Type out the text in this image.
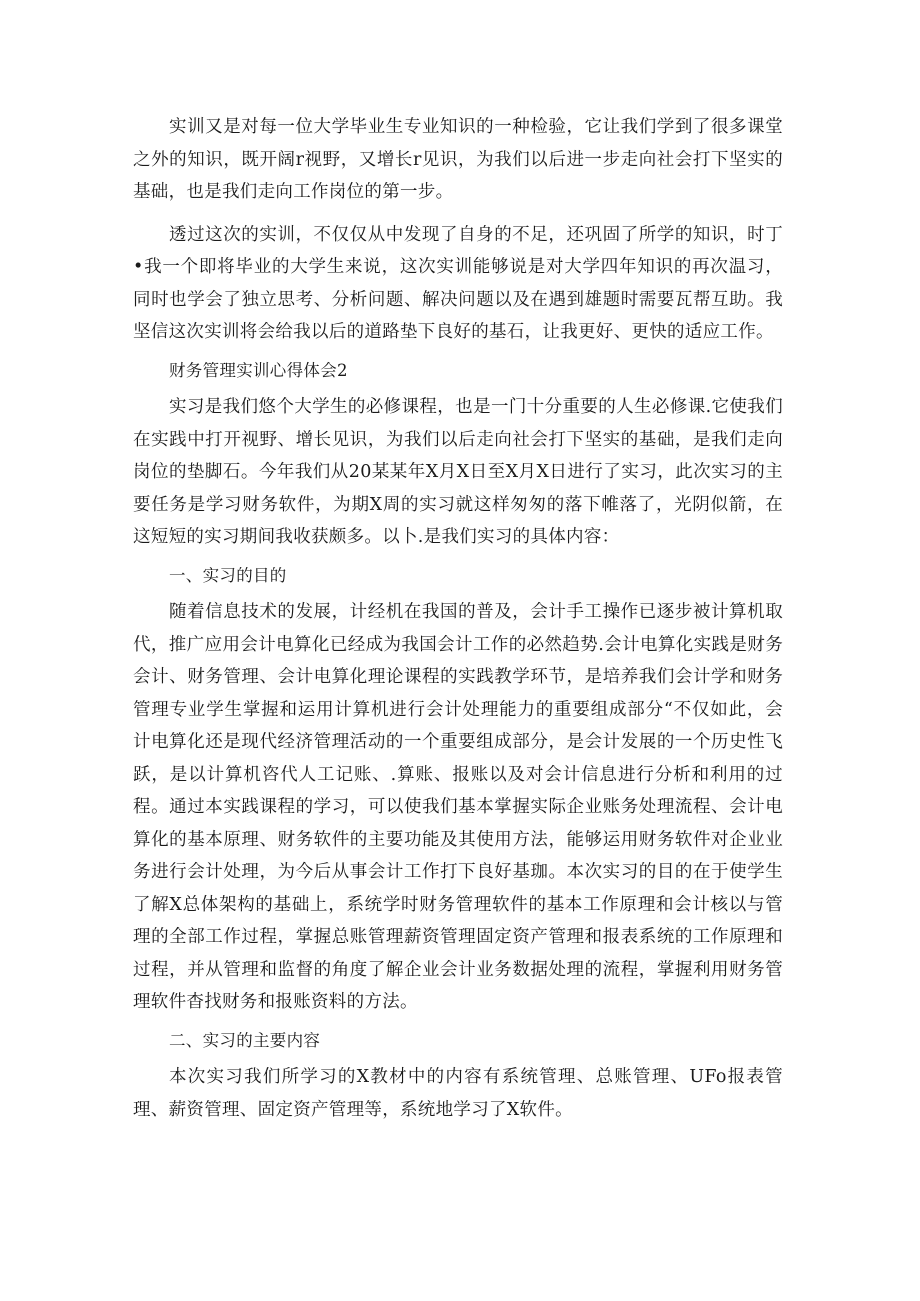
实训又是对每一位大学毕业生专业知识的一种检验，它让我们学到了很多课堂之外的知识，既开阔r视野，又增长r见识，为我们以后进一步走向社会打下坚实的基础，也是我们走向工作岗位的第一步。

透过这次的实训，不仅仅从中发现了自身的不足，还巩固了所学的知识，时丁•我一个即将毕业的大学生来说，这次实训能够说是对大学四年知识的再次温习，同时也学会了独立思考、分析问题、解决问题以及在遇到雄题时需要瓦帮互助。我坚信这次实训将会给我以后的道路垫下良好的基石，让我更好、更快的适应工作。

财务管理实训心得体会2

实习是我们悠个大学生的必修课程，也是一门十分重要的人生必修课.它使我们在实践中打开视野、增长见识，为我们以后走向社会打下坚实的基础，是我们走向岗位的垫脚石。今年我们从20某某年X月X日至X月X日进行了实习，此次实习的主要任务是学习财务软件，为期X周的实习就这样匆匆的落下帷落了，光阴似箭，在这短短的实习期间我收获颇多。以卜.是我们实习的具体内容：

一、实习的目的

随着信息技术的发展，计经机在我国的普及，会计手工操作已逐步被计算机取代，推广应用会计电算化已经成为我国会计工作的必然趋势.会计电算化实践是财务会计、财务管理、会计电算化理论课程的实践教学环节，是培养我们会计学和财务管理专业学生掌握和运用计算机进行会计处理能力的重要组成部分“不仅如此，会计电算化还是现代经济管理活动的一个重要组成部分，是会计发展的一个历史性飞跃，是以计算机咨代人工记账、.算账、报账以及对会计信息进行分析和利用的过程。通过本实践课程的学习，可以使我们基本掌握实际企业账务处理流程、会计电算化的基本原理、财务软件的主要功能及其使用方法，能够运用财务软件对企业业务进行会计处理，为今后从事会计工作打下良好基珈。本次实习的目的在于使学生了解X总体架构的基础上，系统学时财务管理软件的基本工作原理和会计核以与管理的全部工作过程，掌握总账管理薪资管理固定资产管理和报表系统的工作原理和过程，并从管理和监督的角度了解企业会计业务数据处理的流程，掌握利用财务管理软件杳找财务和报账资料的方法。

二、实习的主要内容

本次实习我们所学习的X教材中的内容有系统管理、总账管理、UFo报表管理、薪资管理、固定资产管理等，系统地学习了X软件。
